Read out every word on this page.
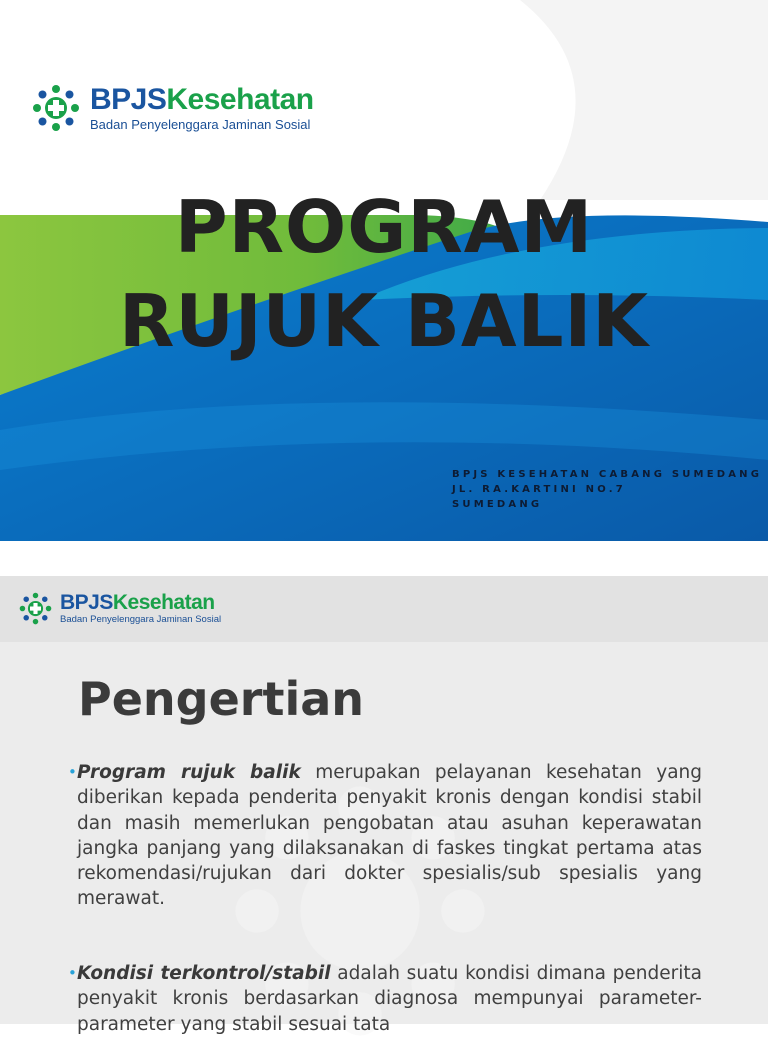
BPJSKesehatan
Badan Penyelenggara Jaminan Sosial
PROGRAM
RUJUK BALIK
BPJS KESEHATAN CABANG SUMEDANG
JL. RA.KARTINI NO.7
SUMEDANG
BPJSKesehatan
Badan Penyelenggara Jaminan Sosial
Pengertian
• Program rujuk balik merupakan pelayanan kesehatan yang diberikan kepada penderita penyakit kronis dengan kondisi stabil dan masih memerlukan pengobatan atau asuhan keperawatan jangka panjang yang dilaksanakan di faskes tingkat pertama atas rekomendasi/rujukan dari dokter spesialis/sub spesialis yang merawat.
• Kondisi terkontrol/stabil adalah suatu kondisi dimana penderita penyakit kronis berdasarkan diagnosa mempunyai parameter-parameter yang stabil sesuai tata
